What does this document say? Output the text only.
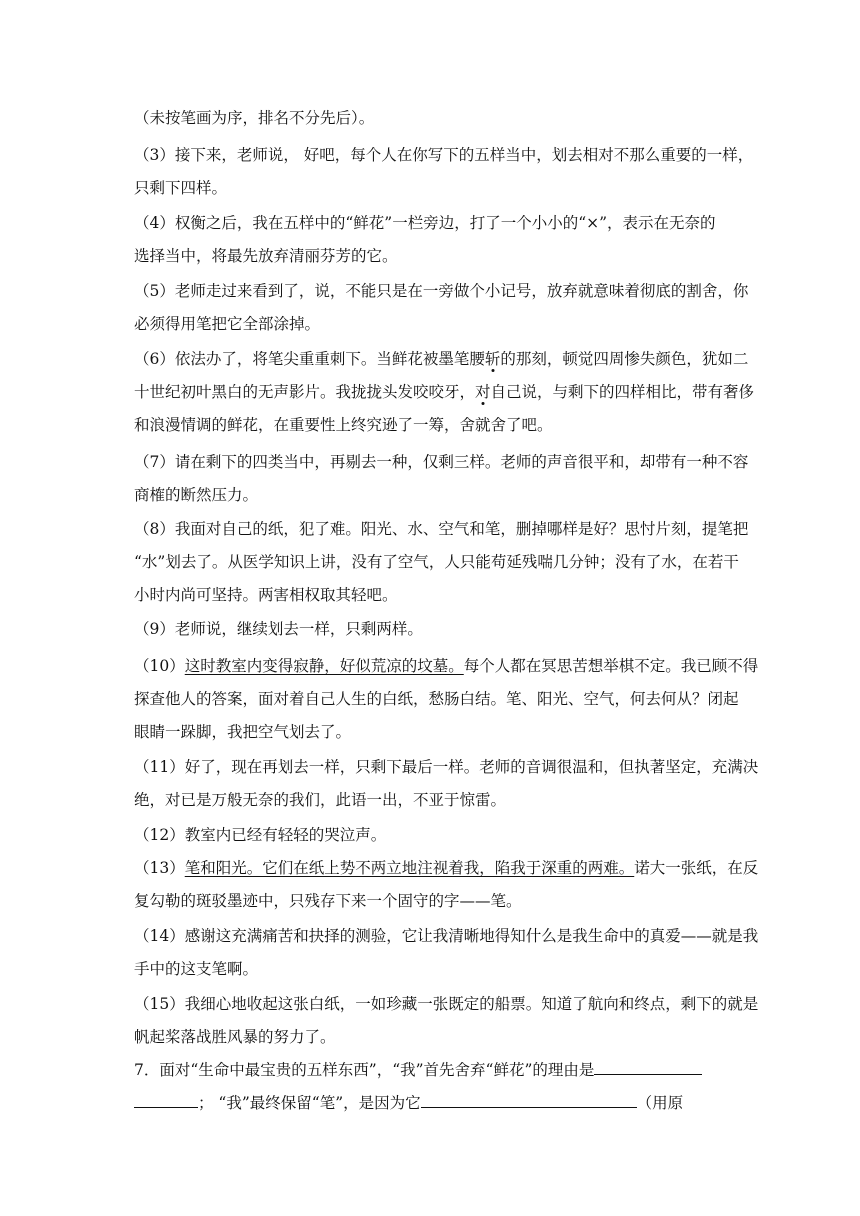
（未按笔画为序，排名不分先后）。

（3）接下来，老师说， 好吧，每个人在你写下的五样当中，划去相对不那么重要的一样，
只剩下四样。

（4）权衡之后，我在五样中的“鲜花”一栏旁边，打了一个小小的“×”，表示在无奈的
选择当中，将最先放弃清丽芬芳的它。

（5）老师走过来看到了，说，不能只是在一旁做个小记号，放弃就意味着彻底的割舍，你
必须得用笔把它全部涂掉。

（6）依法办了，将笔尖重重刺下。当鲜花被墨笔腰斩的那刻，顿觉四周惨失颜色，犹如二
十世纪初叶黑白的无声影片。我拢拢头发咬咬牙，对自己说，与剩下的四样相比，带有奢侈
和浪漫情调的鲜花，在重要性上终究逊了一筹，舍就舍了吧。

（7）请在剩下的四类当中，再剔去一种，仅剩三样。老师的声音很平和，却带有一种不容
商榷的断然压力。

（8）我面对自己的纸，犯了难。阳光、水、空气和笔，删掉哪样是好？思忖片刻，提笔把
“水”划去了。从医学知识上讲，没有了空气，人只能苟延残喘几分钟；没有了水，在若干
小时内尚可坚持。两害相权取其轻吧。

（9）老师说，继续划去一样，只剩两样。

（10）这时教室内变得寂静，好似荒凉的坟墓。每个人都在冥思苦想举棋不定。我已顾不得
探查他人的答案，面对着自己人生的白纸，愁肠白结。笔、阳光、空气，何去何从？闭起
眼睛一跺脚，我把空气划去了。

（11）好了，现在再划去一样，只剩下最后一样。老师的音调很温和，但执著坚定，充满决
绝，对已是万般无奈的我们，此语一出，不亚于惊雷。

（12）教室内已经有轻轻的哭泣声。

（13）笔和阳光。它们在纸上势不两立地注视着我，陷我于深重的两难。诺大一张纸，在反
复勾勒的斑驳墨迹中，只残存下来一个固守的字——笔。

（14）感谢这充满痛苦和抉择的测验，它让我清晰地得知什么是我生命中的真爱——就是我
手中的这支笔啊。

（15）我细心地收起这张白纸，一如珍藏一张既定的船票。知道了航向和终点，剩下的就是
帆起桨落战胜风暴的努力了。

7．面对“生命中最宝贵的五样东西”，“我”首先舍弃“鲜花”的理由是
； “我”最终保留“笔”，是因为它	（用原
